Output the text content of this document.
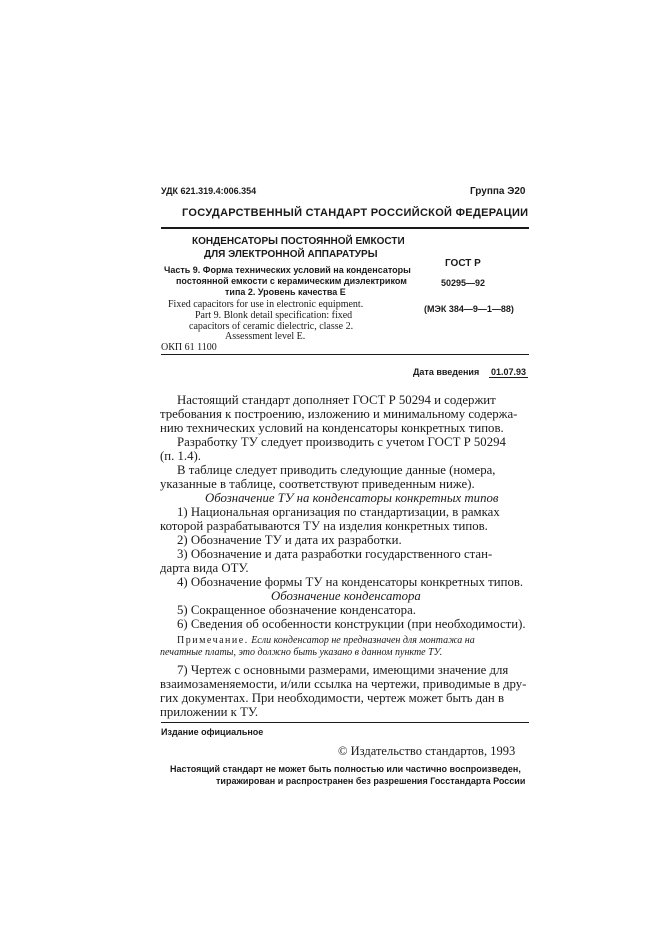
УДК 621.319.4:006.354	Группа Э20
ГОСУДАРСТВЕННЫЙ СТАНДАРТ РОССИЙСКОЙ ФЕДЕРАЦИИ
КОНДЕНСАТОРЫ ПОСТОЯННОЙ ЕМКОСТИ
ДЛЯ ЭЛЕКТРОННОЙ АППАРАТУРЫ
Часть 9. Форма технических условий на конденсаторы
постоянной емкости с керамическим диэлектриком
типа 2. Уровень качества Е
Fixed capacitors for use in electronic equipment.
Part 9. Blonk detail specification: fixed
capacitors of ceramic dielectric, classe 2.
Assessment level E.
ОКП 61 1100
ГОСТ Р
50295—92
(МЭК 384—9—1—88)
Дата введения 01.07.93
Настоящий стандарт дополняет ГОСТ Р 50294 и содержит
требования к построению, изложению и минимальному содержа-
нию технических условий на конденсаторы конкретных типов.
Разработку ТУ следует производить с учетом ГОСТ Р 50294
(п. 1.4).
В таблице следует приводить следующие данные (номера,
указанные в таблице, соответствуют приведенным ниже).
Обозначение ТУ на конденсаторы конкретных типов
1) Национальная организация по стандартизации, в рамках
которой разрабатываются ТУ на изделия конкретных типов.
2) Обозначение ТУ и дата их разработки.
3) Обозначение и дата разработки государственного стан-
дарта вида ОТУ.
4) Обозначение формы ТУ на конденсаторы конкретных типов.
Обозначение конденсатора
5) Сокращенное обозначение конденсатора.
6) Сведения об особенности конструкции (при необходимости).
Примечание. Если конденсатор не предназначен для монтажа на
печатные платы, это должно быть указано в данном пункте ТУ.
7) Чертеж с основными размерами, имеющими значение для
взаимозаменяемости, и/или ссылка на чертежи, приводимые в дру-
гих документах. При необходимости, чертеж может быть дан в
приложении к ТУ.
Издание официальное
© Издательство стандартов, 1993
Настоящий стандарт не может быть полностью или частично воспроизведен,
тиражирован и распространен без разрешения Госстандарта России
